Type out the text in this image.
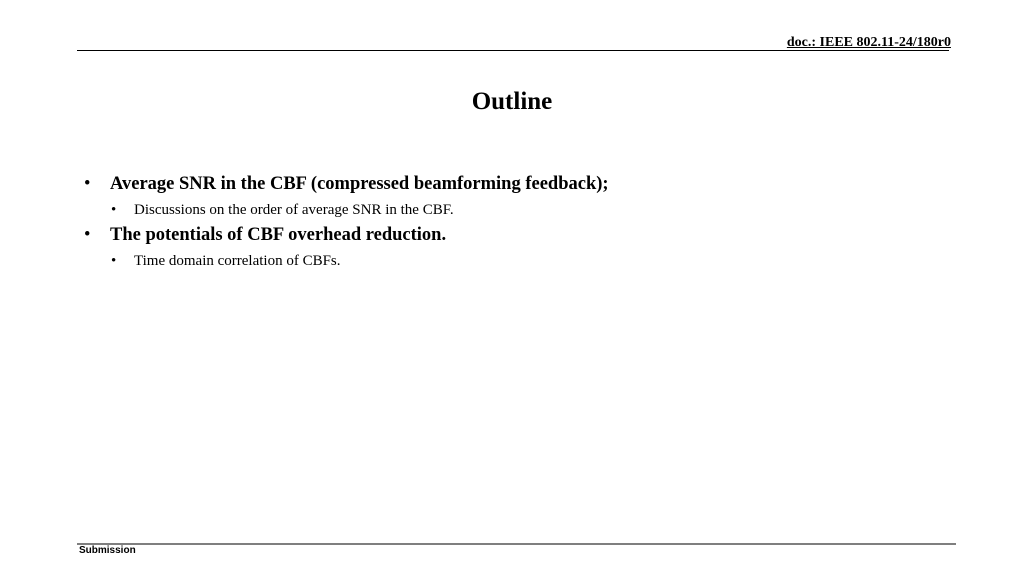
doc.: IEEE 802.11-24/180r0
Outline
•	Average SNR in the CBF (compressed beamforming feedback);
•	Discussions on the order of average SNR in the CBF.
•	The potentials of CBF overhead reduction.
•	Time domain correlation of CBFs.
Submission
